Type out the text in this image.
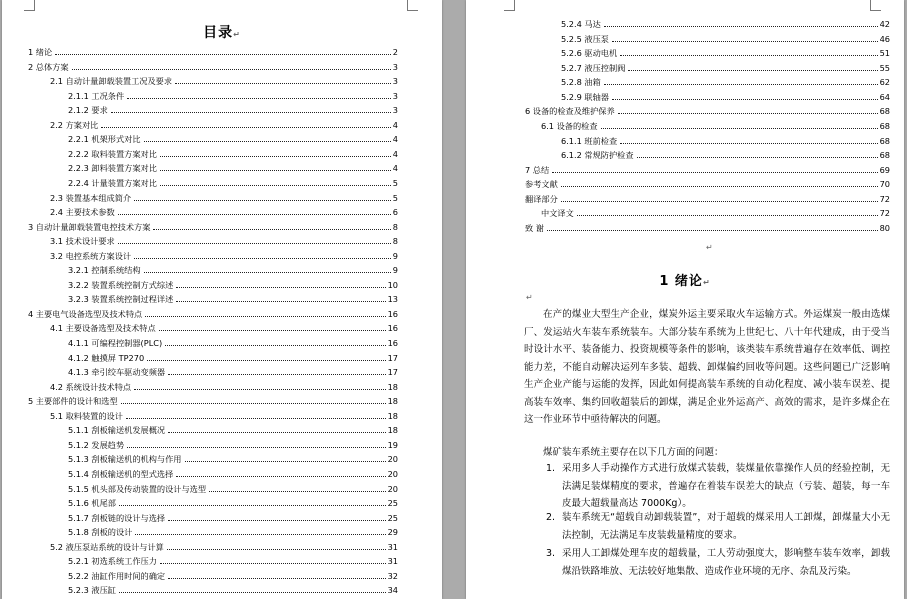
目录↵
1 绪论	2
2 总体方案	3
2.1 自动计量卸载装置工况及要求	3
2.1.1 工况条件	3
2.1.2 要求	3
2.2 方案对比	4
2.2.1 机架形式对比	4
2.2.2 取料装置方案对比	4
2.2.3 卸料装置方案对比	4
2.2.4 计量装置方案对比	5
2.3 装置基本组成简介	5
2.4 主要技术参数	6
3 自动计量卸载装置电控技术方案	8
3.1 技术设计要求	8
3.2 电控系统方案设计	9
3.2.1 控制系统结构	9
3.2.2 装置系统控制方式综述	10
3.2.3 装置系统控制过程详述	13
4 主要电气设备选型及技术特点	16
4.1 主要设备选型及技术特点	16
4.1.1 可编程控制器(PLC)	16
4.1.2 触摸屏 TP270	17
4.1.3 牵引绞车驱动变频器	17
4.2 系统设计技术特点	18
5 主要部件的设计和选型	18
5.1 取料装置的设计	18
5.1.1 刮板输送机发展概况	18
5.1.2 发展趋势	19
5.1.3 刮板输送机的机构与作用	20
5.1.4 刮板输送机的型式选择	20
5.1.5 机头部及传动装置的设计与选型	20
5.1.6 机尾部	25
5.1.7 刮板链的设计与选择	25
5.1.8 刮板的设计	29
5.2 液压泵站系统的设计与计算	31
5.2.1 初选系统工作压力	31
5.2.2 油缸作用时间的确定	32
5.2.3 液压缸	34
5.2.4 马达	42
5.2.5 液压泵	46
5.2.6 驱动电机	51
5.2.7 液压控制阀	55
5.2.8 油箱	62
5.2.9 联轴器	64
6 设备的检查及维护保养	68
6.1 设备的检查	68
6.1.1 班前检查	68
6.1.2 常规防护检查	68
7 总结	69
参考文献	70
翻译部分	72
中文译文	72
致 谢	80
↵
1 绪论↵
↵
在产的煤业大型生产企业，煤炭外运主要采取火车运输方式。外运煤炭一般由选煤厂、发运站火车装车系统装车。大部分装车系统为上世纪七、八十年代建成，由于受当时设计水平、装备能力、投资规模等条件的影响，该类装车系统普遍存在效率低、调控能力差，不能自动解决运列车多装、超载、卸煤偏约回收等问题。这些问题已广泛影响生产企业产能与运能的发挥，因此如何提高装车系统的自动化程度、减小装车误差、提高装车效率、集约回收超装后的卸煤，满足企业外运高产、高效的需求，是许多煤企在这一作业环节中亟待解决的问题。
煤矿装车系统主要存在以下几方面的问题：
1. 采用多人手动操作方式进行放煤式装载，装煤量依靠操作人员的经验控制，无法满足装煤精度的要求，普遍存在着装车误差大的缺点（亏装、超装，每一车皮最大超载量高达 7000Kg）。
2. 装车系统无“超载自动卸载装置”，对于超载的煤采用人工卸煤，卸煤量大小无法控制，无法满足车皮装载量精度的要求。
3. 采用人工卸煤处理车皮的超载量，工人劳动强度大，影响整车装车效率，卸载煤沿铁路堆放、无法较好地集散、造成作业环境的无序、杂乱及污染。
